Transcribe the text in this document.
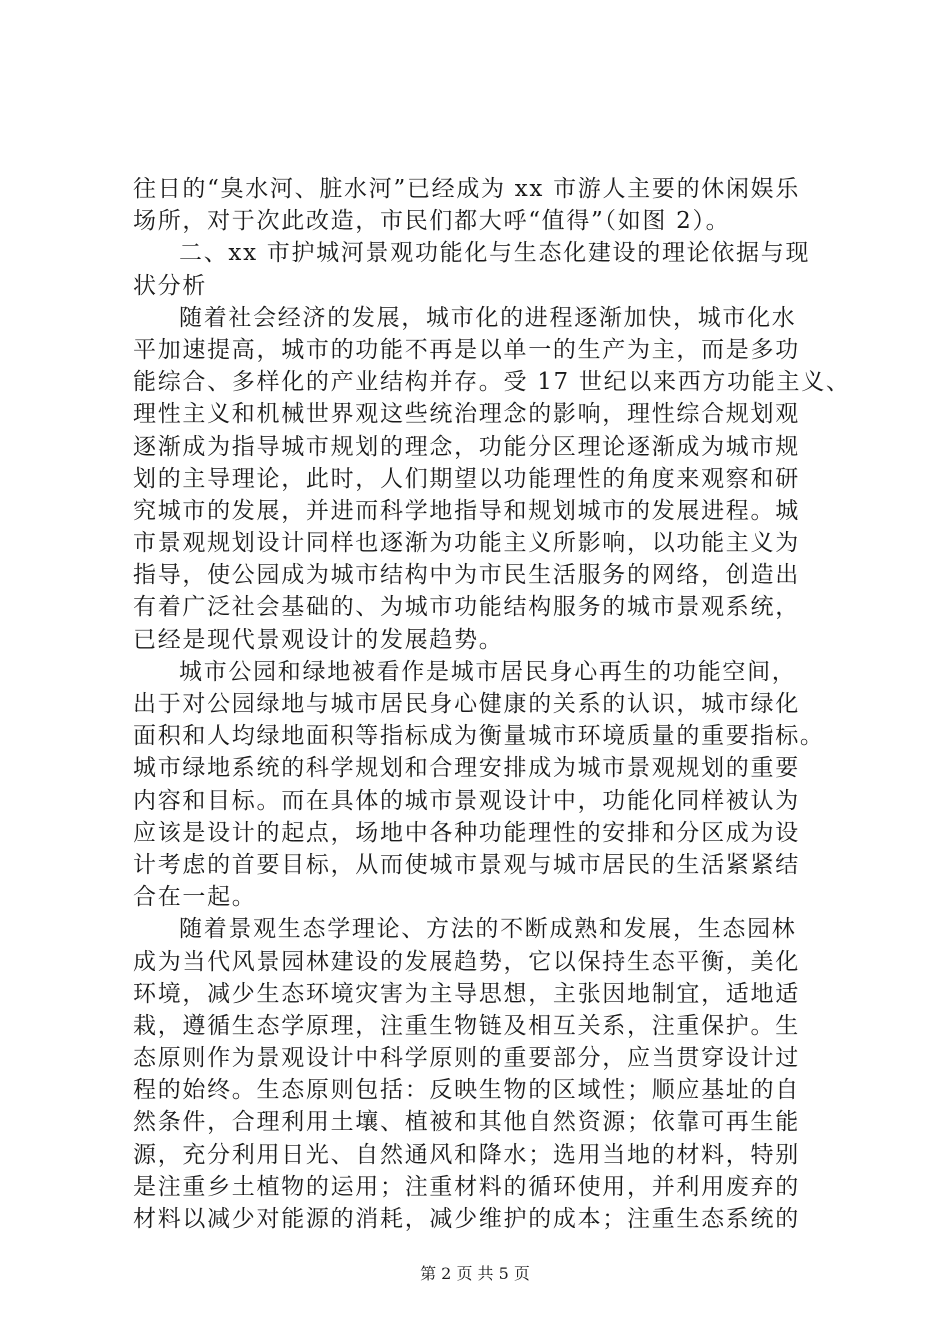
往日的“臭水河、脏水河”已经成为 xx 市游人主要的休闲娱乐
场所，对于次此改造，市民们都大呼“值得”（如图 2）。
二、xx 市护城河景观功能化与生态化建设的理论依据与现
状分析
随着社会经济的发展，城市化的进程逐渐加快，城市化水
平加速提高，城市的功能不再是以单一的生产为主，而是多功
能综合、多样化的产业结构并存。受 17 世纪以来西方功能主义、
理性主义和机械世界观这些统治理念的影响，理性综合规划观
逐渐成为指导城市规划的理念，功能分区理论逐渐成为城市规
划的主导理论，此时，人们期望以功能理性的角度来观察和研
究城市的发展，并进而科学地指导和规划城市的发展进程。城
市景观规划设计同样也逐渐为功能主义所影响，以功能主义为
指导，使公园成为城市结构中为市民生活服务的网络，创造出
有着广泛社会基础的、为城市功能结构服务的城市景观系统，
已经是现代景观设计的发展趋势。
城市公园和绿地被看作是城市居民身心再生的功能空间，
出于对公园绿地与城市居民身心健康的关系的认识，城市绿化
面积和人均绿地面积等指标成为衡量城市环境质量的重要指标。
城市绿地系统的科学规划和合理安排成为城市景观规划的重要
内容和目标。而在具体的城市景观设计中，功能化同样被认为
应该是设计的起点，场地中各种功能理性的安排和分区成为设
计考虑的首要目标，从而使城市景观与城市居民的生活紧紧结
合在一起。
随着景观生态学理论、方法的不断成熟和发展，生态园林
成为当代风景园林建设的发展趋势，它以保持生态平衡，美化
环境，减少生态环境灾害为主导思想，主张因地制宜，适地适
栽，遵循生态学原理，注重生物链及相互关系，注重保护。生
态原则作为景观设计中科学原则的重要部分，应当贯穿设计过
程的始终。生态原则包括：反映生物的区域性；顺应基址的自
然条件，合理利用土壤、植被和其他自然资源；依靠可再生能
源，充分利用日光、自然通风和降水；选用当地的材料，特别
是注重乡土植物的运用；注重材料的循环使用，并利用废弃的
材料以减少对能源的消耗，减少维护的成本；注重生态系统的
第 2 页 共 5 页
